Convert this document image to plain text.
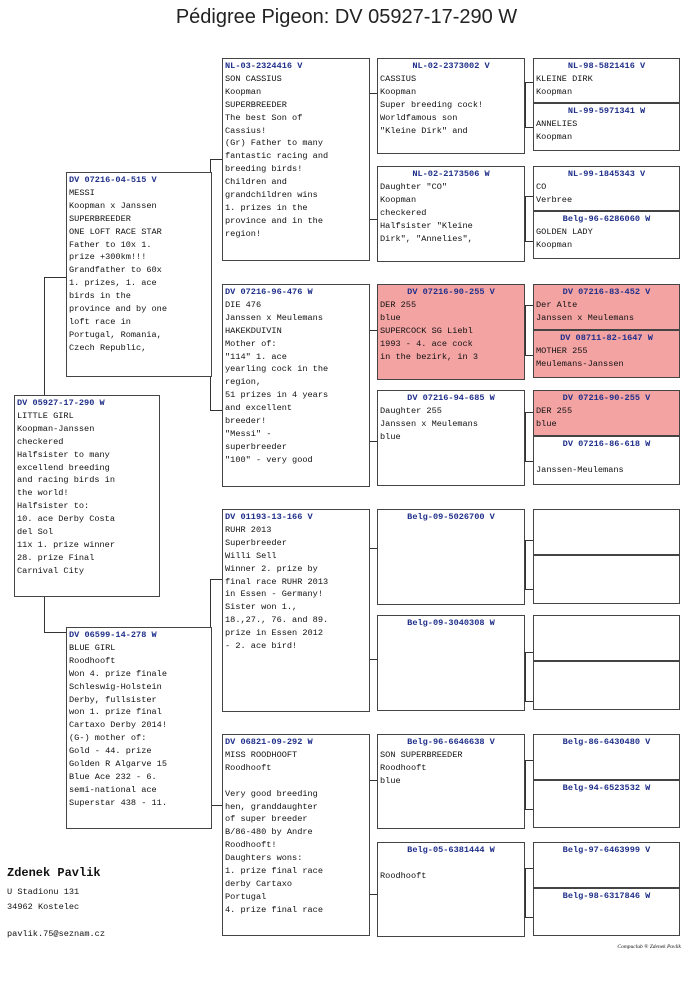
Pédigree Pigeon: DV 05927-17-290 W
DV 05927-17-290 W
LITTLE GIRL
Koopman-Janssen
checkered
Halfsister to many
excellend breeding
and racing birds in
the world!
Halfsister to:
10. ace Derby Costa
del Sol
11x 1. prize winner
28. prize Final
Carnival City
DV 07216-04-515 V
MESSI
Koopman x Janssen
SUPERBREEDER
ONE LOFT RACE STAR
Father to 10x 1.
prize +300km!!!
Grandfather to 60x
1. prizes, 1. ace
birds in the
province and by one
loft race in
Portugal, Romania,
Czech Republic,
DV 06599-14-278 W
BLUE GIRL
Roodhooft
Won 4. prize finale
Schleswig-Holstein
Derby, fullsister
won 1. prize final
Cartaxo Derby 2014!
(G-) mother of:
Gold - 44. prize
Golden R Algarve 15
Blue Ace 232 - 6.
semi-national ace
Superstar 438 - 11.
NL-03-2324416 V
SON CASSIUS
Koopman
SUPERBREEDER
The best Son of
Cassius!
(Gr) Father to many
fantastic racing and
breeding birds!
Children and
grandchildren wins
1. prizes in the
province and in the
region!
DV 07216-96-476 W
DIE 476
Janssen x Meulemans
HAKEKDUIVIN
Mother of:
"114" 1. ace
yearling cock in the
region,
51 prizes in 4 years
and excellent
breeder!
"Messi" -
superbreeder
"100" - very good
DV 01193-13-166 V
RUHR 2013
Superbreeder
Willi Sell
Winner 2. prize by
final race RUHR 2013
in Essen - Germany!
Sister won 1.,
18.,27., 76. and 89.
prize in Essen 2012
- 2. ace bird!
DV 06821-09-292 W
MISS ROODHOOFT
Roodhooft

Very good breeding
hen, granddaughter
of super breeder
B/86-480 by Andre
Roodhooft!
Daughters wons:
1. prize final race
derby Cartaxo
Portugal
4. prize final race
NL-02-2373002 V
CASSIUS
Koopman
Super breeding cock!
Worldfamous son
"Kleine Dirk" and
NL-02-2173506 W
Daughter "CO"
Koopman
checkered
Halfsister "Kleine
Dirk", "Annelies",
DV 07216-90-255 V
DER 255
blue
SUPERCOCK SG Liebl
1993 - 4. ace cock
in the bezirk, in 3
DV 07216-94-685 W
Daughter 255
Janssen x Meulemans
blue
Belg-09-5026700 V
Belg-09-3040308 W
Belg-96-6646638 V
SON SUPERBREEDER
Roodhooft
blue
Belg-05-6381444 W

Roodhooft
NL-98-5821416 V
KLEINE DIRK
Koopman
NL-99-5971341 W
ANNELIES
Koopman
NL-99-1845343 V
CO
Verbree
Belg-96-6286060 W
GOLDEN LADY
Koopman
DV 07216-83-452 V
Der Alte
Janssen x Meulemans
DV 08711-82-1647 W
MOTHER 255
Meulemans-Janssen
DV 07216-90-255 V
DER 255
blue
DV 07216-86-618 W

Janssen-Meulemans
Belg-86-6430480 V
Belg-94-6523532 W
Belg-97-6463999 V
Belg-98-6317846 W
Zdenek Pavlik
U Stadionu 131
34962 Kostelec
pavlik.75@seznam.cz
Compuclub ® Zdenek Pavlik
